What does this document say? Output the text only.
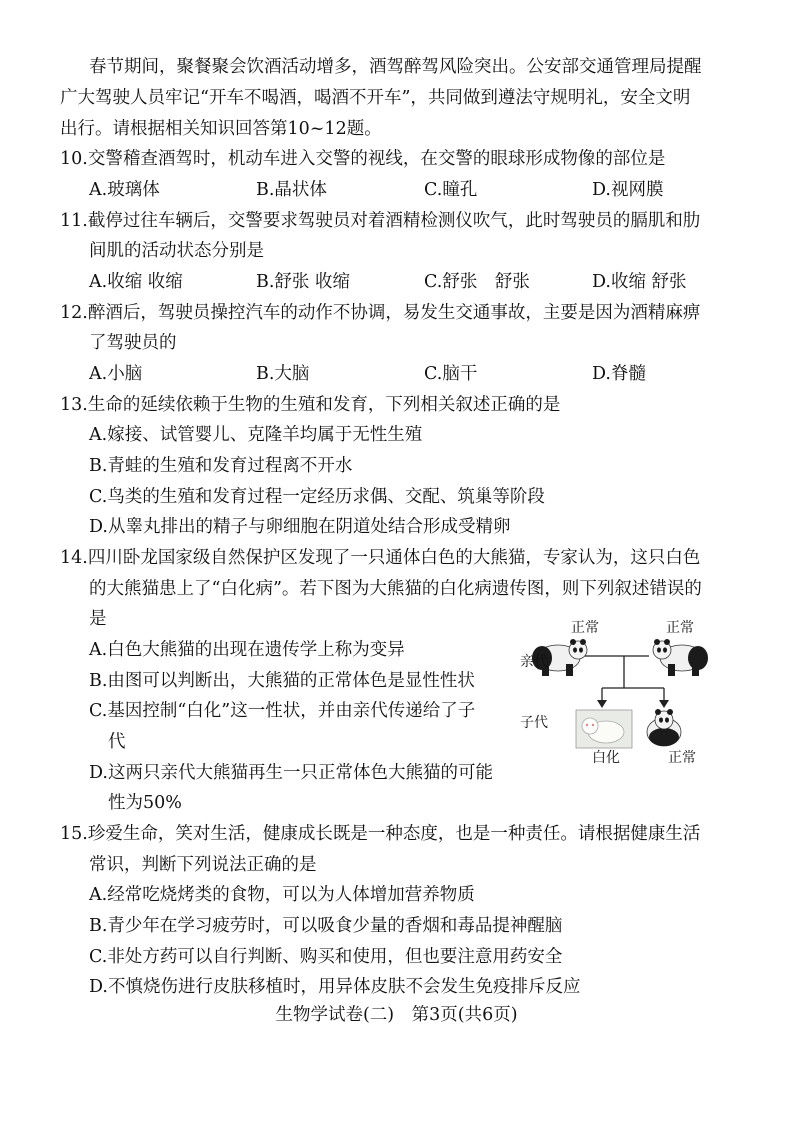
春节期间，聚餐聚会饮酒活动增多，酒驾醉驾风险突出。公安部交通管理局提醒
广大驾驶人员牢记“开车不喝酒，喝酒不开车”，共同做到遵法守规明礼，安全文明
出行。请根据相关知识回答第10~12题。
10.交警稽查酒驾时，机动车进入交警的视线，在交警的眼球形成物像的部位是
A.玻璃体	B.晶状体	C.瞳孔	D.视网膜
11.截停过往车辆后，交警要求驾驶员对着酒精检测仪吹气，此时驾驶员的膈肌和肋
间肌的活动状态分别是
A.收缩 收缩	B.舒张 收缩	C.舒张　舒张	D.收缩 舒张
12.醉酒后，驾驶员操控汽车的动作不协调，易发生交通事故，主要是因为酒精麻痹
了驾驶员的
A.小脑	B.大脑	C.脑干	D.脊髓
13.生命的延续依赖于生物的生殖和发育，下列相关叙述正确的是
A.嫁接、试管婴儿、克隆羊均属于无性生殖
B.青蛙的生殖和发育过程离不开水
C.鸟类的生殖和发育过程一定经历求偶、交配、筑巢等阶段
D.从睾丸排出的精子与卵细胞在阴道处结合形成受精卵
14.四川卧龙国家级自然保护区发现了一只通体白色的大熊猫，专家认为，这只白色
的大熊猫患上了“白化病”。若下图为大熊猫的白化病遗传图，则下列叙述错误的
是
A.白色大熊猫的出现在遗传学上称为变异
B.由图可以判断出，大熊猫的正常体色是显性性状
C.基因控制“白化”这一性状，并由亲代传递给了子
代
D.这两只亲代大熊猫再生一只正常体色大熊猫的可能
性为50%
正常	正常
亲代
子代
白化	正常
15.珍爱生命，笑对生活，健康成长既是一种态度，也是一种责任。请根据健康生活
常识，判断下列说法正确的是
A.经常吃烧烤类的食物，可以为人体增加营养物质
B.青少年在学习疲劳时，可以吸食少量的香烟和毒品提神醒脑
C.非处方药可以自行判断、购买和使用，但也要注意用药安全
D.不慎烧伤进行皮肤移植时，用异体皮肤不会发生免疫排斥反应
生物学试卷(二)　第3页(共6页)
